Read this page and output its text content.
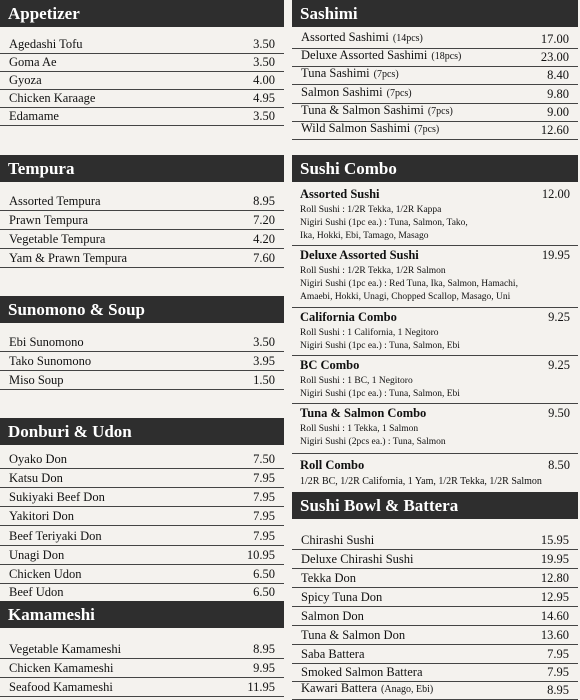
Appetizer
Agedashi Tofu	3.50
Goma Ae	3.50
Gyoza	4.00
Chicken Karaage	4.95
Edamame	3.50
Tempura
Assorted Tempura	8.95
Prawn Tempura	7.20
Vegetable Tempura	4.20
Yam & Prawn Tempura	7.60
Sunomono & Soup
Ebi Sunomono	3.50
Tako Sunomono	3.95
Miso Soup	1.50
Donburi & Udon
Oyako Don	7.50
Katsu Don	7.95
Sukiyaki Beef Don	7.95
Yakitori Don	7.95
Beef Teriyaki Don	7.95
Unagi Don	10.95
Chicken Udon	6.50
Beef Udon	6.50
Kamameshi
Vegetable Kamameshi	8.95
Chicken Kamameshi	9.95
Seafood Kamameshi	11.95
Sashimi
Assorted Sashimi (14pcs)	17.00
Deluxe Assorted Sashimi (18pcs)	23.00
Tuna Sashimi (7pcs)	8.40
Salmon Sashimi (7pcs)	9.80
Tuna & Salmon Sashimi (7pcs)	9.00
Wild Salmon Sashimi (7pcs)	12.60
Sushi Combo
Assorted Sushi	12.00
Roll Sushi : 1/2R Tekka, 1/2R Kappa
Nigiri Sushi (1pc ea.) : Tuna, Salmon, Tako,
Ika, Hokki, Ebi, Tamago, Masago
Deluxe Assorted Sushi	19.95
Roll Sushi : 1/2R Tekka, 1/2R Salmon
Nigiri Sushi (1pc ea.) : Red Tuna, Ika, Salmon, Hamachi,
Amaebi, Hokki, Unagi, Chopped Scallop, Masago, Uni
California Combo	9.25
Roll Sushi : 1 California, 1 Negitoro
Nigiri Sushi (1pc ea.) : Tuna, Salmon, Ebi
BC Combo	9.25
Roll Sushi : 1 BC, 1 Negitoro
Nigiri Sushi (1pc ea.) : Tuna, Salmon, Ebi
Tuna & Salmon Combo	9.50
Roll Sushi : 1 Tekka, 1 Salmon
Nigiri Sushi (2pcs ea.) : Tuna, Salmon
Roll Combo	8.50
1/2R BC, 1/2R California, 1 Yam, 1/2R Tekka, 1/2R Salmon
Sushi Bowl & Battera
Chirashi Sushi	15.95
Deluxe Chirashi Sushi	19.95
Tekka Don	12.80
Spicy Tuna Don	12.95
Salmon Don	14.60
Tuna & Salmon Don	13.60
Saba Battera	7.95
Smoked Salmon Battera	7.95
Kawari Battera (Anago, Ebi)	8.95
